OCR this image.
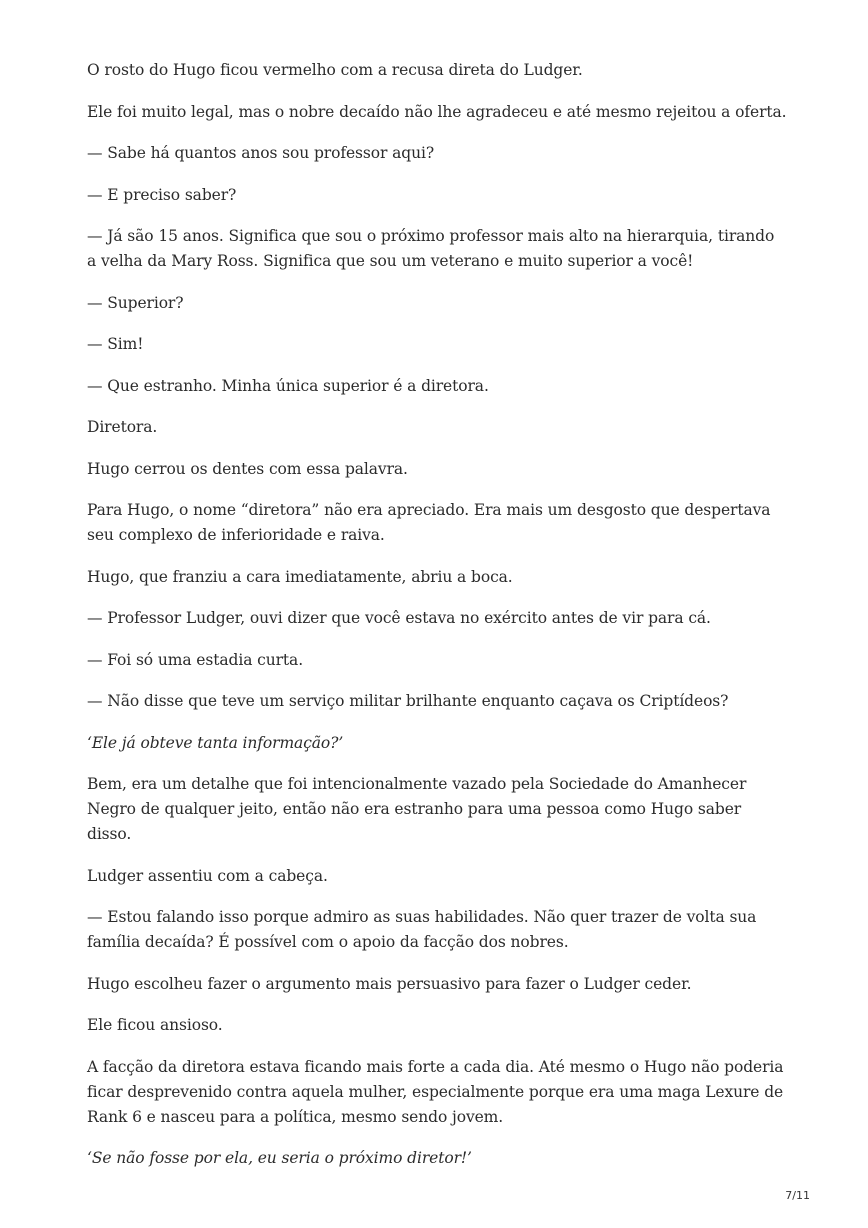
O rosto do Hugo ficou vermelho com a recusa direta do Ludger.

Ele foi muito legal, mas o nobre decaído não lhe agradeceu e até mesmo rejeitou a oferta.

— Sabe há quantos anos sou professor aqui?

— E preciso saber?

— Já são 15 anos. Significa que sou o próximo professor mais alto na hierarquia, tirando a velha da Mary Ross. Significa que sou um veterano e muito superior a você!

— Superior?

— Sim!

— Que estranho. Minha única superior é a diretora.

Diretora.

Hugo cerrou os dentes com essa palavra.

Para Hugo, o nome “diretora” não era apreciado. Era mais um desgosto que despertava seu complexo de inferioridade e raiva.

Hugo, que franziu a cara imediatamente, abriu a boca.

— Professor Ludger, ouvi dizer que você estava no exército antes de vir para cá.

— Foi só uma estadia curta.

— Não disse que teve um serviço militar brilhante enquanto caçava os Criptídeos?

‘Ele já obteve tanta informação?’

Bem, era um detalhe que foi intencionalmente vazado pela Sociedade do Amanhecer Negro de qualquer jeito, então não era estranho para uma pessoa como Hugo saber disso.

Ludger assentiu com a cabeça.

— Estou falando isso porque admiro as suas habilidades. Não quer trazer de volta sua família decaída? É possível com o apoio da facção dos nobres.

Hugo escolheu fazer o argumento mais persuasivo para fazer o Ludger ceder.

Ele ficou ansioso.

A facção da diretora estava ficando mais forte a cada dia. Até mesmo o Hugo não poderia ficar desprevenido contra aquela mulher, especialmente porque era uma maga Lexure de Rank 6 e nasceu para a política, mesmo sendo jovem.

‘Se não fosse por ela, eu seria o próximo diretor!’

7/11
